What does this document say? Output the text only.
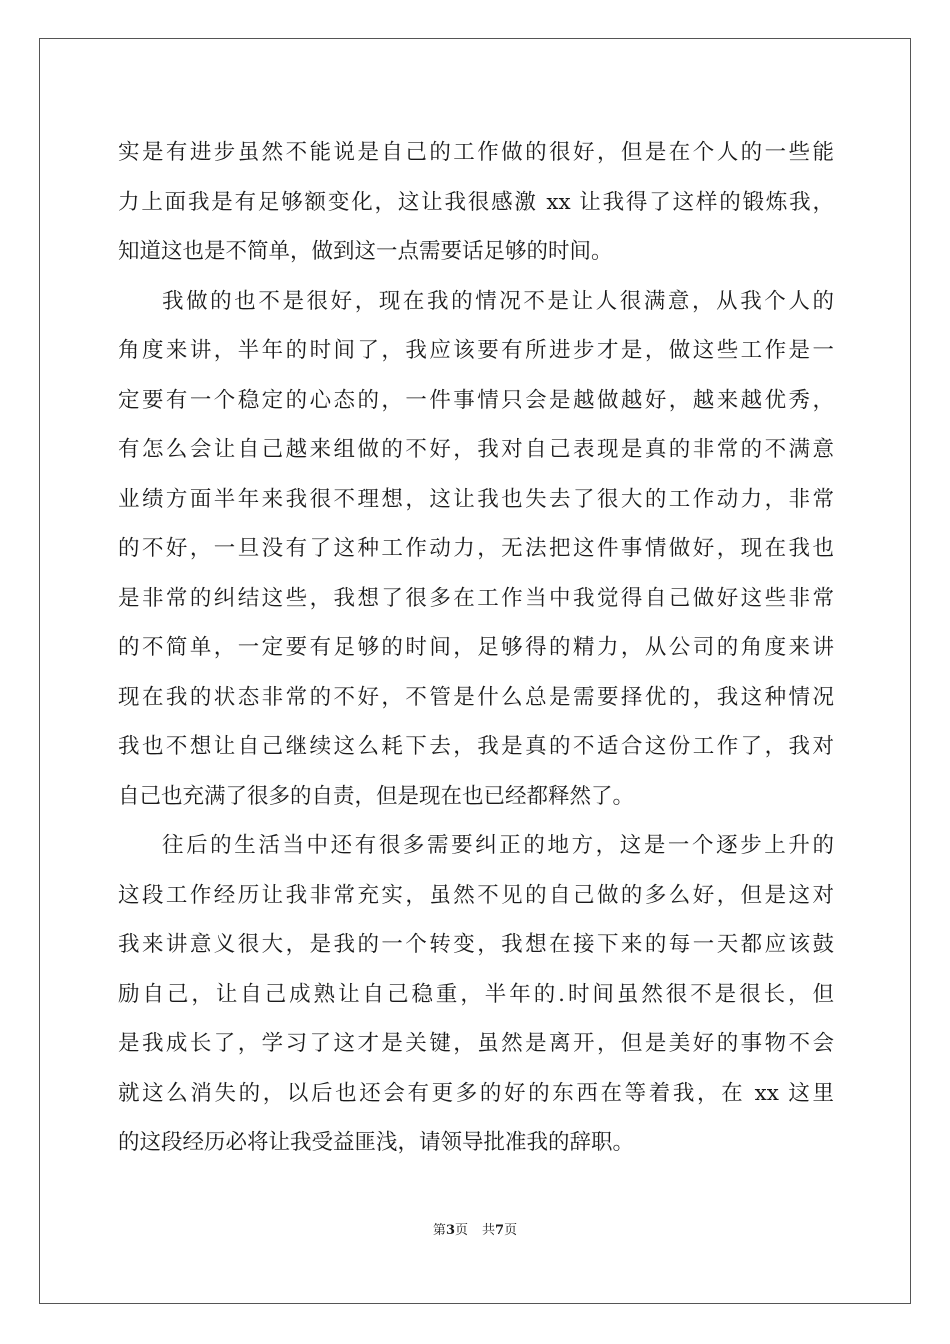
实是有进步虽然不能说是自己的工作做的很好，但是在个人的一些能
力上面我是有足够额变化，这让我很感激 xx 让我得了这样的锻炼我，
知道这也是不简单，做到这一点需要话足够的时间。
我做的也不是很好，现在我的情况不是让人很满意，从我个人的
角度来讲，半年的时间了，我应该要有所进步才是，做这些工作是一
定要有一个稳定的心态的，一件事情只会是越做越好，越来越优秀，
有怎么会让自己越来组做的不好，我对自己表现是真的非常的不满意
业绩方面半年来我很不理想，这让我也失去了很大的工作动力，非常
的不好，一旦没有了这种工作动力，无法把这件事情做好，现在我也
是非常的纠结这些，我想了很多在工作当中我觉得自己做好这些非常
的不简单，一定要有足够的时间，足够得的精力，从公司的角度来讲
现在我的状态非常的不好，不管是什么总是需要择优的，我这种情况
我也不想让自己继续这么耗下去，我是真的不适合这份工作了，我对
自己也充满了很多的自责，但是现在也已经都释然了。
往后的生活当中还有很多需要纠正的地方，这是一个逐步上升的
这段工作经历让我非常充实，虽然不见的自己做的多么好，但是这对
我来讲意义很大，是我的一个转变，我想在接下来的每一天都应该鼓
励自己，让自己成熟让自己稳重，半年的.时间虽然很不是很长，但
是我成长了，学习了这才是关键，虽然是离开，但是美好的事物不会
就这么消失的，以后也还会有更多的好的东西在等着我，在 xx 这里
的这段经历必将让我受益匪浅，请领导批准我的辞职。
第3页 共7页
